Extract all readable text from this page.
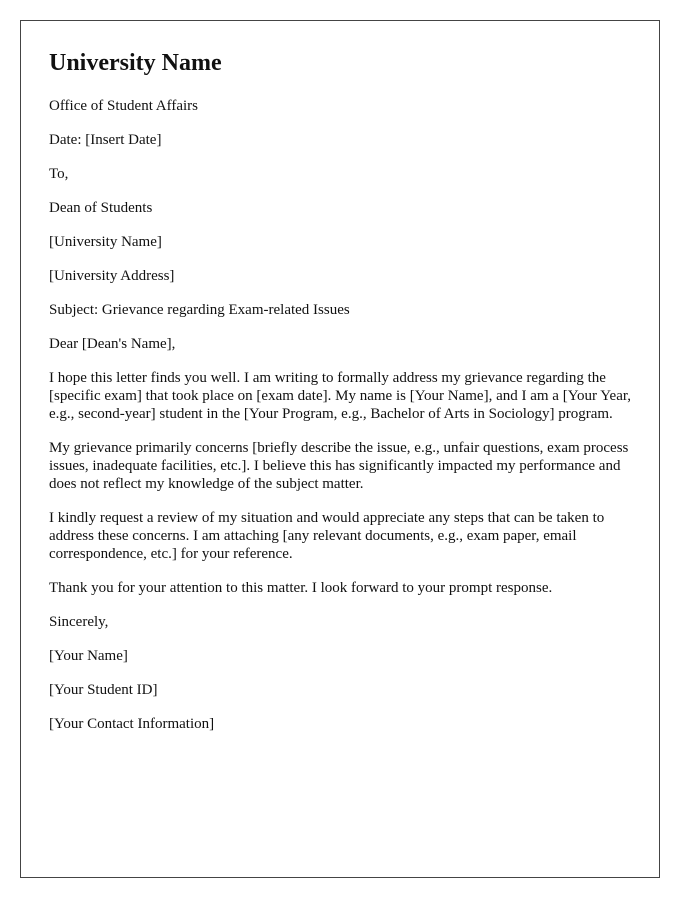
University Name

Office of Student Affairs

Date: [Insert Date]

To,

Dean of Students

[University Name]

[University Address]

Subject: Grievance regarding Exam-related Issues

Dear [Dean's Name],

I hope this letter finds you well. I am writing to formally address my grievance regarding the [specific exam] that took place on [exam date]. My name is [Your Name], and I am a [Your Year, e.g., second-year] student in the [Your Program, e.g., Bachelor of Arts in Sociology] program.

My grievance primarily concerns [briefly describe the issue, e.g., unfair questions, exam process issues, inadequate facilities, etc.]. I believe this has significantly impacted my performance and does not reflect my knowledge of the subject matter.

I kindly request a review of my situation and would appreciate any steps that can be taken to address these concerns. I am attaching [any relevant documents, e.g., exam paper, email correspondence, etc.] for your reference.

Thank you for your attention to this matter. I look forward to your prompt response.

Sincerely,

[Your Name]

[Your Student ID]

[Your Contact Information]
